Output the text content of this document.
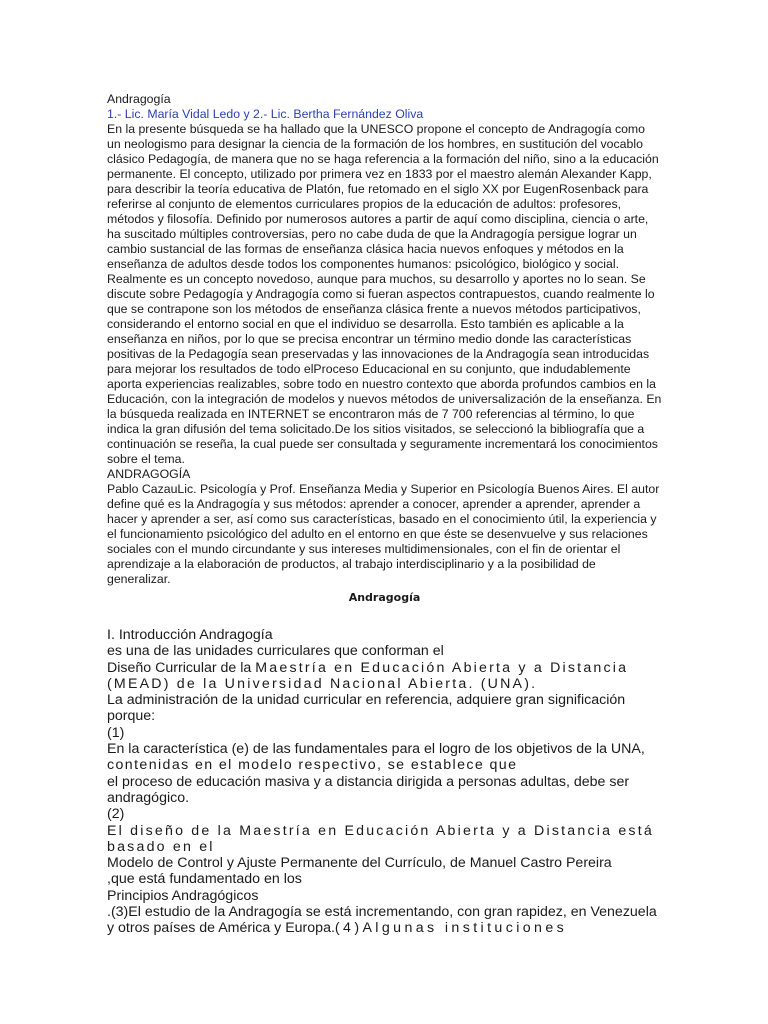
Andragogía

1.- Lic. María Vidal Ledo y 2.- Lic. Bertha Fernández Oliva

En la presente búsqueda se ha hallado que la UNESCO propone el concepto de Andragogía como un neologismo para designar la ciencia de la formación de los hombres, en sustitución del vocablo clásico Pedagogía, de manera que no se haga referencia a la formación del niño, sino a la educación permanente. El concepto, utilizado por primera vez en 1833 por el maestro alemán Alexander Kapp, para describir la teoría educativa de Platón, fue retomado en el siglo XX por EugenRosenback para referirse al conjunto de elementos curriculares propios de la educación de adultos: profesores, métodos y filosofía. Definido por numerosos autores a partir de aquí como disciplina, ciencia o arte, ha suscitado múltiples controversias, pero no cabe duda de que la Andragogía persigue lograr un cambio sustancial de las formas de enseñanza clásica hacia nuevos enfoques y métodos en la enseñanza de adultos desde todos los componentes humanos: psicológico, biológico y social. Realmente es un concepto novedoso, aunque para muchos, su desarrollo y aportes no lo sean. Se discute sobre Pedagogía y Andragogía como si fueran aspectos contrapuestos, cuando realmente lo que se contrapone son los métodos de enseñanza clásica frente a nuevos métodos participativos, considerando el entorno social en que el individuo se desarrolla. Esto también es aplicable a la enseñanza en niños, por lo que se precisa encontrar un término medio donde las características positivas de la Pedagogía sean preservadas y las innovaciones de la Andragogía sean introducidas para mejorar los resultados de todo elProceso Educacional en su conjunto, que indudablemente aporta experiencias realizables, sobre todo en nuestro contexto que aborda profundos cambios en la Educación, con la integración de modelos y nuevos métodos de universalización de la enseñanza. En la búsqueda realizada en INTERNET se encontraron más de 7 700 referencias al término, lo que indica la gran difusión del tema solicitado.De los sitios visitados, se seleccionó la bibliografía que a continuación se reseña, la cual puede ser consultada y seguramente incrementará los conocimientos sobre el tema.

ANDRAGOGÍA

Pablo CazauLic. Psicología y Prof. Enseñanza Media y Superior en Psicología Buenos Aires. El autor define qué es la Andragogía y sus métodos: aprender a conocer, aprender a aprender, aprender a hacer y aprender a ser, así como sus características, basado en el conocimiento útil, la experiencia y el funcionamiento psicológico del adulto en el entorno en que éste se desenvuelve y sus relaciones sociales con el mundo circundante y sus intereses multidimensionales, con el fin de orientar el aprendizaje a la elaboración de productos, al trabajo interdisciplinario y a la posibilidad de generalizar.

Andragogía

I. Introducción Andragogía

es una de las unidades curriculares que conforman el

Diseño Curricular de la Maestría en Educación Abierta y a Distancia

(MEAD) de la Universidad Nacional Abierta. (UNA).

La administración de la unidad curricular en referencia, adquiere gran significación porque:

(1)

En la característica (e) de las fundamentales para el logro de los objetivos de la UNA,

contenidas en el modelo respectivo, se establece que

el proceso de educación masiva y a distancia dirigida a personas adultas, debe ser andragógico.

(2)

El diseño de la Maestría en Educación Abierta y a Distancia está basado en el

Modelo de Control y Ajuste Permanente del Currículo, de Manuel Castro Pereira

,que está fundamentado en los

Principios Andragógicos

.(3)El estudio de la Andragogía se está incrementando, con gran rapidez, en Venezuela y otros países de América y Europa.(4)Algunas instituciones
